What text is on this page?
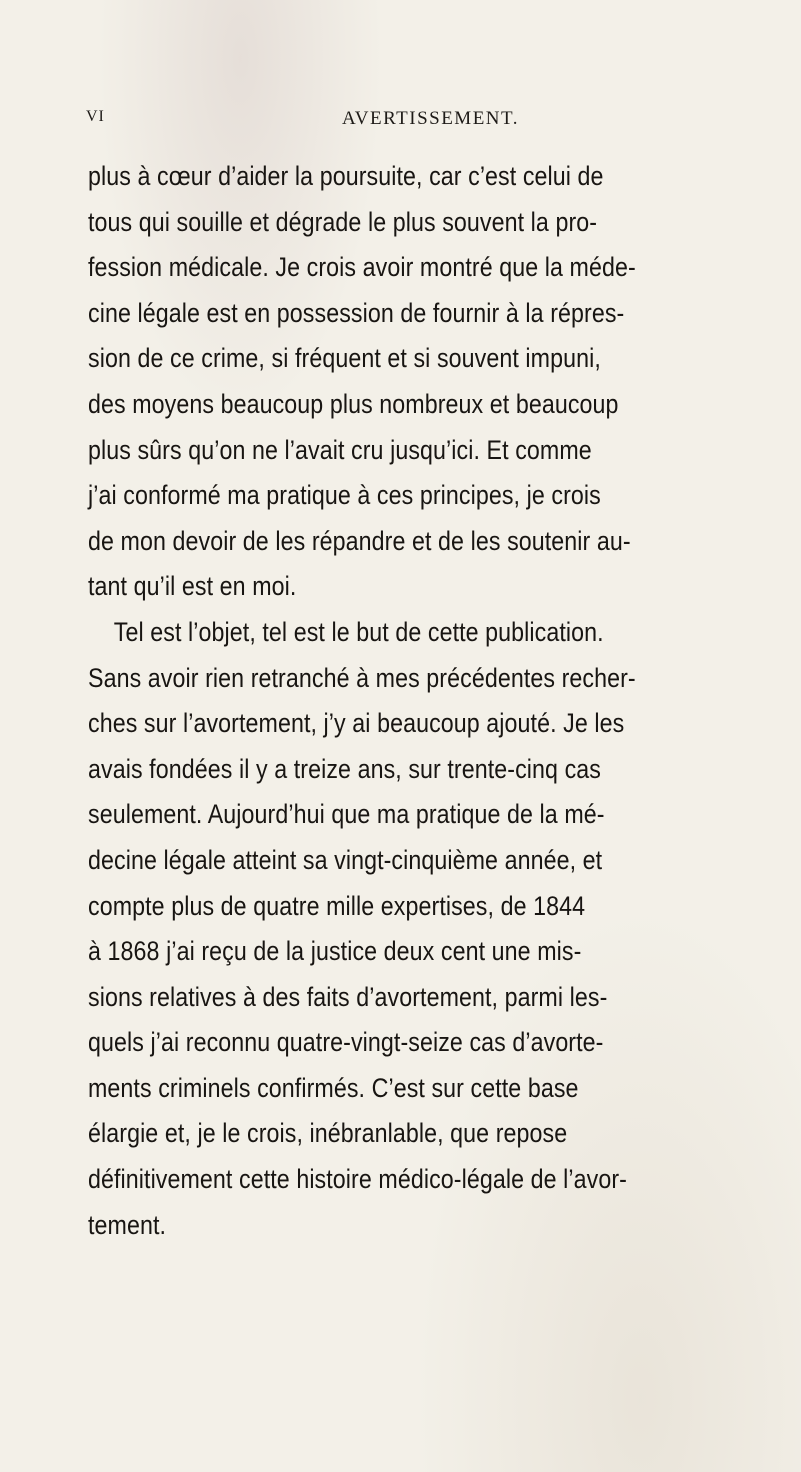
VI	AVERTISSEMENT.
plus à cœur d’aider la poursuite, car c’est celui de
tous qui souille et dégrade le plus souvent la pro-
fession médicale. Je crois avoir montré que la méde-
cine légale est en possession de fournir à la répres-
sion de ce crime, si fréquent et si souvent impuni,
des moyens beaucoup plus nombreux et beaucoup
plus sûrs qu’on ne l’avait cru jusqu’ici. Et comme
j’ai conformé ma pratique à ces principes, je crois
de mon devoir de les répandre et de les soutenir au-
tant qu’il est en moi.
Tel est l’objet, tel est le but de cette publication.
Sans avoir rien retranché à mes précédentes recher-
ches sur l’avortement, j’y ai beaucoup ajouté. Je les
avais fondées il y a treize ans, sur trente-cinq cas
seulement. Aujourd’hui que ma pratique de la mé-
decine légale atteint sa vingt-cinquième année, et
compte plus de quatre mille expertises, de 1844
à 1868 j’ai reçu de la justice deux cent une mis-
sions relatives à des faits d’avortement, parmi les-
quels j’ai reconnu quatre-vingt-seize cas d’avorte-
ments criminels confirmés. C’est sur cette base
élargie et, je le crois, inébranlable, que repose
définitivement cette histoire médico-légale de l’avor-
tement.
